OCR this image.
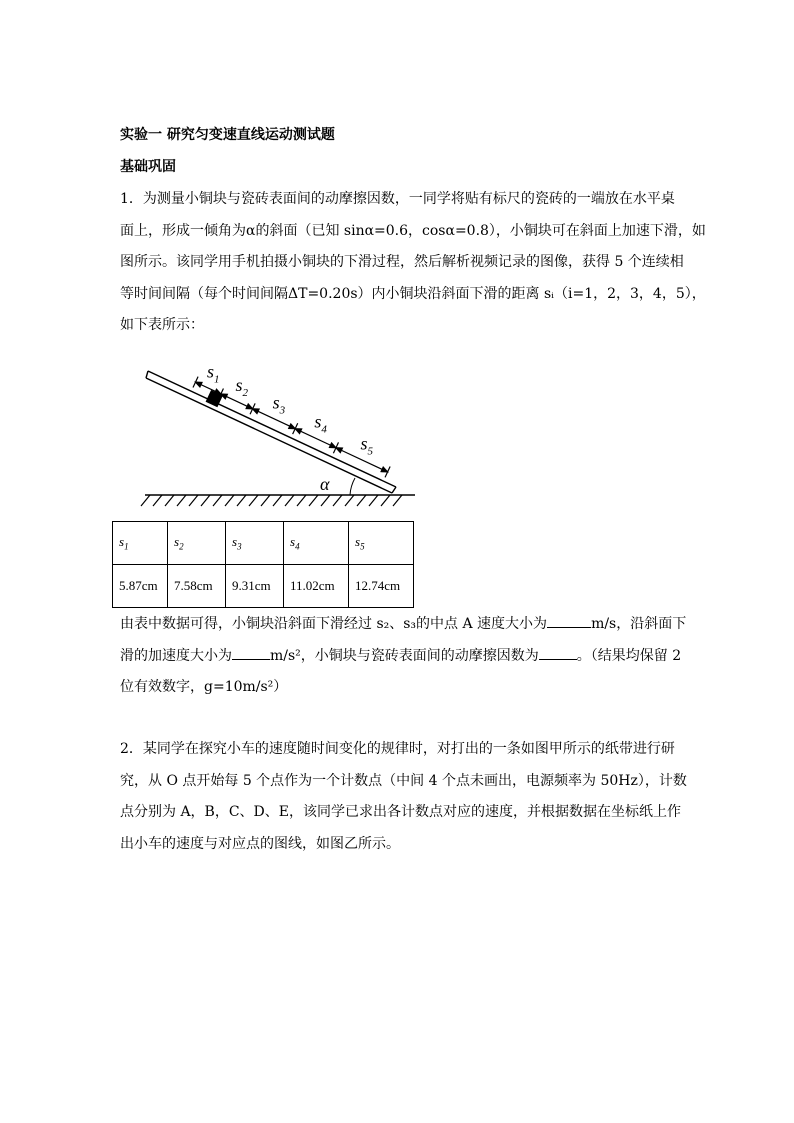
实验一 研究匀变速直线运动测试题
基础巩固
1．为测量小铜块与瓷砖表面间的动摩擦因数，一同学将贴有标尺的瓷砖的一端放在水平桌
面上，形成一倾角为α的斜面（已知 sinα=0.6，cosα=0.8），小铜块可在斜面上加速下滑，如
图所示。该同学用手机拍摄小铜块的下滑过程，然后解析视频记录的图像，获得 5 个连续相
等时间间隔（每个时间间隔ΔT=0.20s）内小铜块沿斜面下滑的距离 sᵢ（i=1，2，3，4，5），
如下表所示：
α
$s_1$ $s_2$ $s_3$
$s_4$
$s_5$
$s_1$	$s_2$	$s_3$	$s_4$	$s_5$
5.87cm	7.58cm	9.31cm	11.02cm	12.74cm
由表中数据可得，小铜块沿斜面下滑经过 s₂、s₃的中点 A 速度大小为	m/s，沿斜面下
滑的加速度大小为	m/s²，小铜块与瓷砖表面间的动摩擦因数为	。（结果均保留 2
位有效数字，g=10m/s²）
2．某同学在探究小车的速度随时间变化的规律时，对打出的一条如图甲所示的纸带进行研
究，从 O 点开始每 5 个点作为一个计数点（中间 4 个点未画出，电源频率为 50Hz），计数
点分别为 A，B，C、D、E，该同学已求出各计数点对应的速度，并根据数据在坐标纸上作
出小车的速度与对应点的图线，如图乙所示。
